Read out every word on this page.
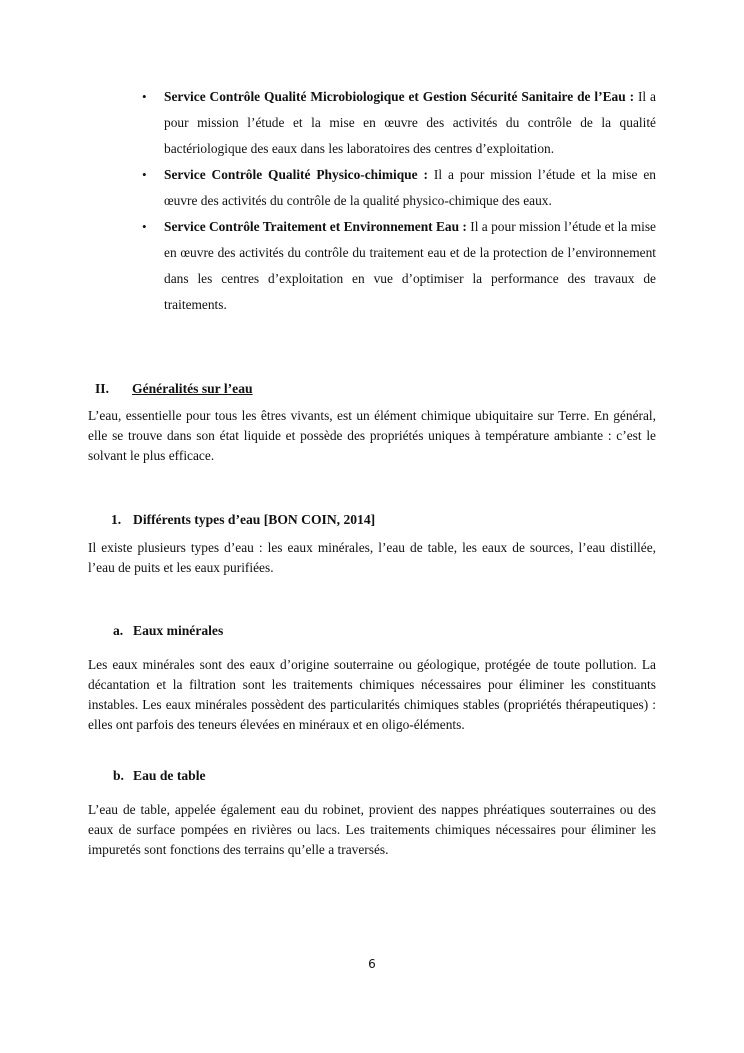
• Service Contrôle Qualité Microbiologique et Gestion Sécurité Sanitaire de l’Eau : Il a pour mission l’étude et la mise en œuvre des activités du contrôle de la qualité bactériologique des eaux dans les laboratoires des centres d’exploitation.
• Service Contrôle Qualité Physico-chimique : Il a pour mission l’étude et la mise en œuvre des activités du contrôle de la qualité physico-chimique des eaux.
• Service Contrôle Traitement et Environnement Eau : Il a pour mission l’étude et la mise en œuvre des activités du contrôle du traitement eau et de la protection de l’environnement dans les centres d’exploitation en vue d’optimiser la performance des travaux de traitements.
II. Généralités sur l’eau

L’eau, essentielle pour tous les êtres vivants, est un élément chimique ubiquitaire sur Terre. En général, elle se trouve dans son état liquide et possède des propriétés uniques à température ambiante : c’est le solvant le plus efficace.

1. Différents types d’eau [BON COIN, 2014]

Il existe plusieurs types d’eau : les eaux minérales, l’eau de table, les eaux de sources, l’eau distillée, l’eau de puits et les eaux purifiées.

a. Eaux minérales

Les eaux minérales sont des eaux d’origine souterraine ou géologique, protégée de toute pollution. La décantation et la filtration sont les traitements chimiques nécessaires pour éliminer les constituants instables. Les eaux minérales possèdent des particularités chimiques stables (propriétés thérapeutiques) : elles ont parfois des teneurs élevées en minéraux et en oligo-éléments.

b. Eau de table

L’eau de table, appelée également eau du robinet, provient des nappes phréatiques souterraines ou des eaux de surface pompées en rivières ou lacs. Les traitements chimiques nécessaires pour éliminer les impuretés sont fonctions des terrains qu’elle a traversés.

6
